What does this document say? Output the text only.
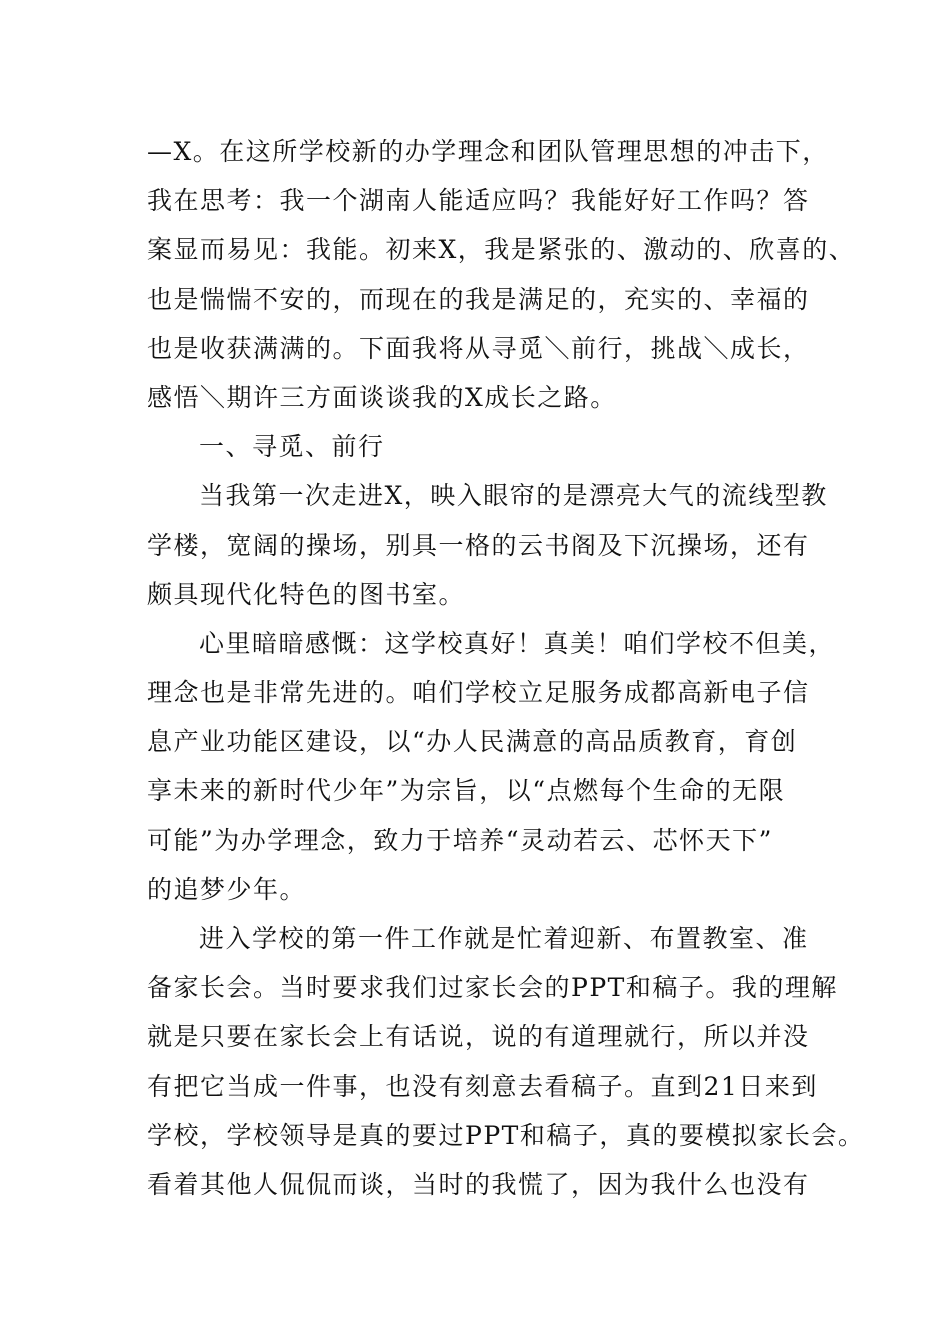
—X。在这所学校新的办学理念和团队管理思想的冲击下，
我在思考：我一个湖南人能适应吗？我能好好工作吗？答
案显而易见：我能。初来X，我是紧张的、激动的、欣喜的、
也是惴惴不安的，而现在的我是满足的，充实的、幸福的
也是收获满满的。下面我将从寻觅＼前行，挑战＼成长，
感悟＼期许三方面谈谈我的X成长之路。
一、寻觅、前行
当我第一次走进X，映入眼帘的是漂亮大气的流线型教
学楼，宽阔的操场，别具一格的云书阁及下沉操场，还有
颇具现代化特色的图书室。
心里暗暗感慨：这学校真好！真美！咱们学校不但美，
理念也是非常先进的。咱们学校立足服务成都高新电子信
息产业功能区建设，以“办人民满意的高品质教育，育创
享未来的新时代少年”为宗旨，以“点燃每个生命的无限
可能”为办学理念，致力于培养“灵动若云、芯怀天下”
的追梦少年。
进入学校的第一件工作就是忙着迎新、布置教室、准
备家长会。当时要求我们过家长会的PPT和稿子。我的理解
就是只要在家长会上有话说，说的有道理就行，所以并没
有把它当成一件事，也没有刻意去看稿子。直到21日来到
学校，学校领导是真的要过PPT和稿子，真的要模拟家长会。
看着其他人侃侃而谈，当时的我慌了，因为我什么也没有
